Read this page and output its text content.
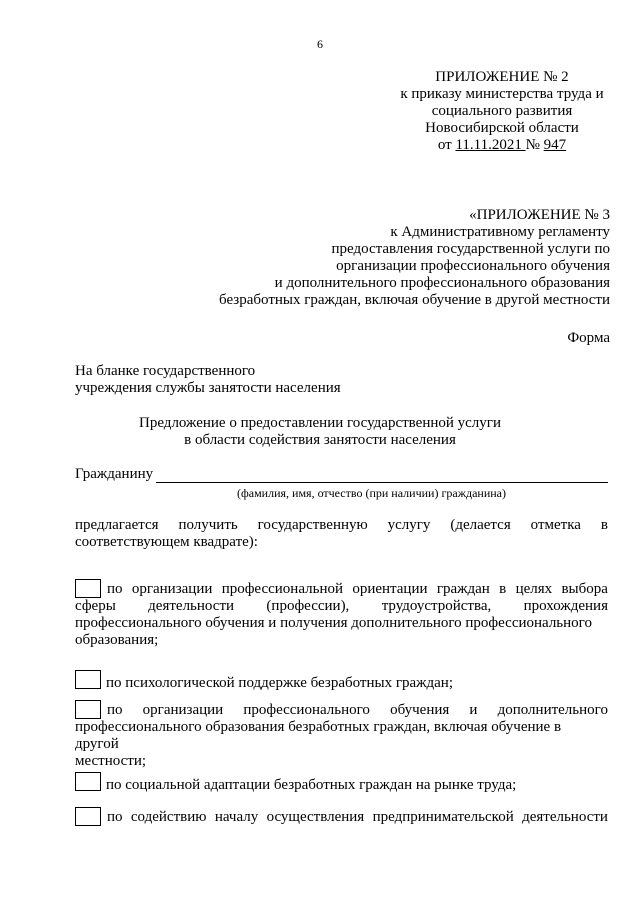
6
ПРИЛОЖЕНИЕ № 2
к приказу министерства труда и
социального развития
Новосибирской области
от 11.11.2021 № 947
«ПРИЛОЖЕНИЕ № 3
к Административному регламенту
предоставления государственной услуги по
организации профессионального обучения
и дополнительного профессионального образования
безработных граждан, включая обучение в другой местности
Форма
На бланке государственного
учреждения службы занятости населения
Предложение о предоставлении государственной услуги
в области содействия занятости населения
Гражданину
(фамилия, имя, отчество (при наличии) гражданина)
предлагается получить государственную услугу (делается отметка в
соответствующем квадрате):
по организации профессиональной ориентации граждан в целях выбора
сферы деятельности (профессии), трудоустройства, прохождения
профессионального обучения и получения дополнительного профессионального
образования;
по психологической поддержке безработных граждан;
по организации профессионального обучения и дополнительного
профессионального образования безработных граждан, включая обучение в другой
местности;
по социальной адаптации безработных граждан на рынке труда;
по содействию началу осуществления предпринимательской деятельности
